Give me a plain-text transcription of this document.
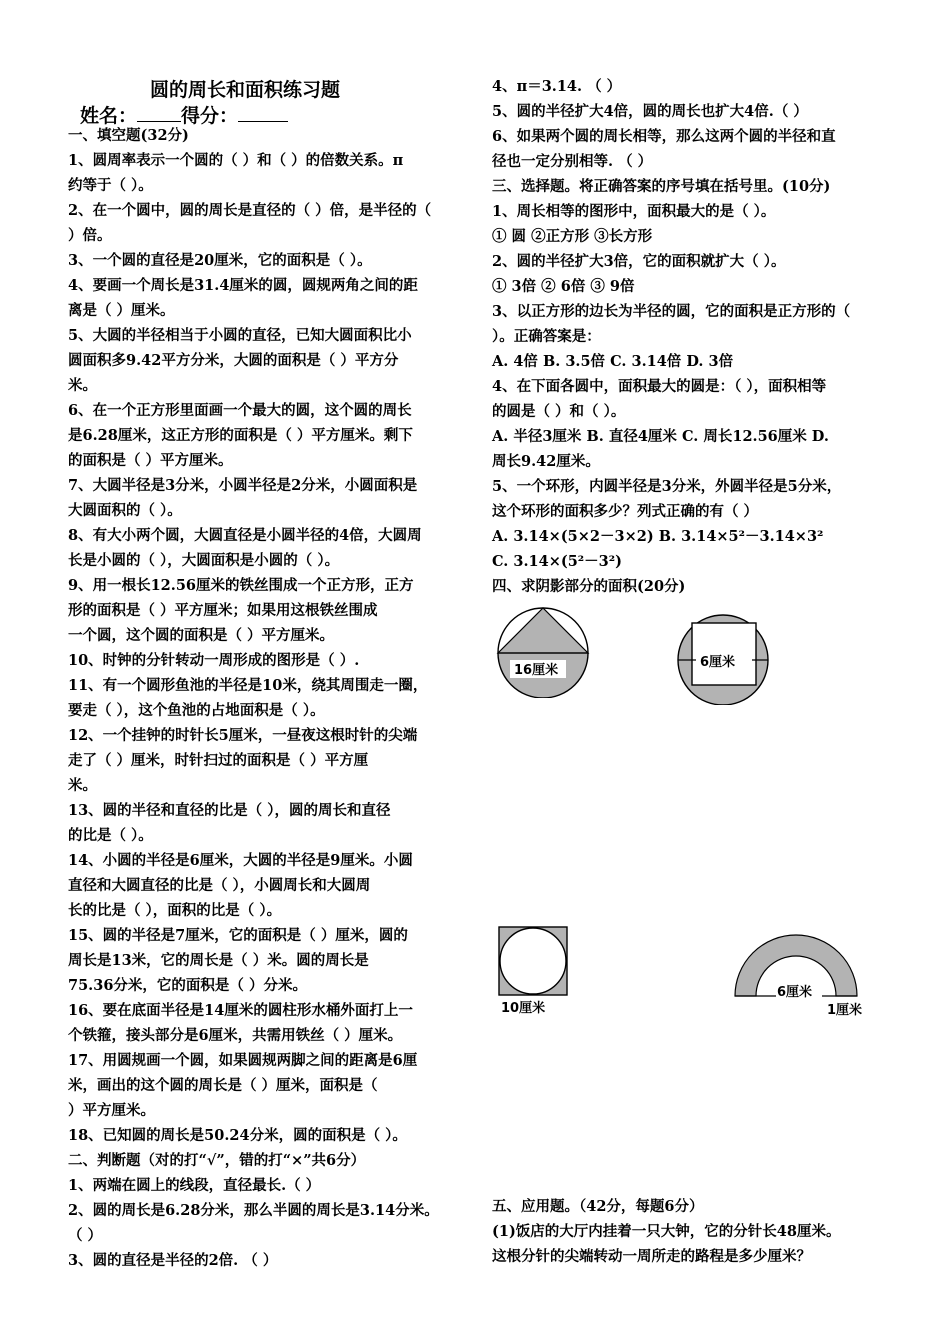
圆的周长和面积练习题
姓名： 得分：
一、填空题(32分)
1、圆周率表示一个圆的（ ）和（ ）的倍数关系。π
约等于（ ）。
2、在一个圆中，圆的周长是直径的（ ）倍，是半径的（
）倍。
3、一个圆的直径是20厘米，它的面积是（ ）。
4、要画一个周长是31.4厘米的圆，圆规两角之间的距
离是（ ）厘米。
5、大圆的半径相当于小圆的直径，已知大圆面积比小
圆面积多9.42平方分米，大圆的面积是（ ）平方分
米。
6、在一个正方形里面画一个最大的圆，这个圆的周长
是6.28厘米，这正方形的面积是（ ）平方厘米。剩下
的面积是（ ）平方厘米。
7、大圆半径是3分米，小圆半径是2分米，小圆面积是
大圆面积的（ ）。
8、有大小两个圆，大圆直径是小圆半径的4倍，大圆周
长是小圆的（ ），大圆面积是小圆的（ ）。
9、用一根长12.56厘米的铁丝围成一个正方形，正方
形的面积是（ ）平方厘米；如果用这根铁丝围成
一个圆，这个圆的面积是（ ）平方厘米。
10、时钟的分针转动一周形成的图形是（ ）.
11、有一个圆形鱼池的半径是10米，绕其周围走一圈，
要走（ ），这个鱼池的占地面积是（ ）。
12、一个挂钟的时针长5厘米，一昼夜这根时针的尖端
走了（ ）厘米，时针扫过的面积是（ ）平方厘
米。
13、圆的半径和直径的比是（ ），圆的周长和直径
的比是（ ）。
14、小圆的半径是6厘米，大圆的半径是9厘米。小圆
直径和大圆直径的比是（ ），小圆周长和大圆周
长的比是（ ），面积的比是（ ）。
15、圆的半径是7厘米，它的面积是（ ）厘米，圆的
周长是13米，它的周长是（ ）米。圆的周长是
75.36分米，它的面积是（ ）分米。
16、要在底面半径是14厘米的圆柱形水桶外面打上一
个铁箍，接头部分是6厘米，共需用铁丝（ ）厘米。
17、用圆规画一个圆，如果圆规两脚之间的距离是6厘
米，画出的这个圆的周长是（ ）厘米，面积是（
）平方厘米。
18、已知圆的周长是50.24分米，圆的面积是（ ）。
二、判断题（对的打“√”，错的打“×”共6分）
1、两端在圆上的线段，直径最长.（ ）
2、圆的周长是6.28分米，那么半圆的周长是3.14分米。
（ ）
3、圆的直径是半径的2倍. （ ）
4、π＝3.14. （ ）
5、圆的半径扩大4倍，圆的周长也扩大4倍.（ ）
6、如果两个圆的周长相等，那么这两个圆的半径和直
径也一定分别相等. （ ）
三、选择题。将正确答案的序号填在括号里。(10分)
1、周长相等的图形中，面积最大的是（ ）。
① 圆 ②正方形 ③长方形
2、圆的半径扩大3倍，它的面积就扩大（ ）。
① 3倍 ② 6倍 ③ 9倍
3、以正方形的边长为半径的圆，它的面积是正方形的（
）。正确答案是：
A. 4倍 B. 3.5倍 C. 3.14倍 D. 3倍
4、在下面各圆中，面积最大的圆是：（ ），面积相等
的圆是（ ）和（ ）。
A. 半径3厘米 B. 直径4厘米 C. 周长12.56厘米 D.
周长9.42厘米。
5、一个环形，内圆半径是3分米，外圆半径是5分米，
这个环形的面积多少？列式正确的有（ ）
A. 3.14×(5×2－3×2) B. 3.14×5²－3.14×3²
C. 3.14×(5²－3²)
四、求阴影部分的面积(20分)
五、应用题。（42分，每题6分）
(1)饭店的大厅内挂着一只大钟，它的分针长48厘米。
这根分针的尖端转动一周所走的路程是多少厘米？
16厘米
6厘米
10厘米
6厘米
1厘米
